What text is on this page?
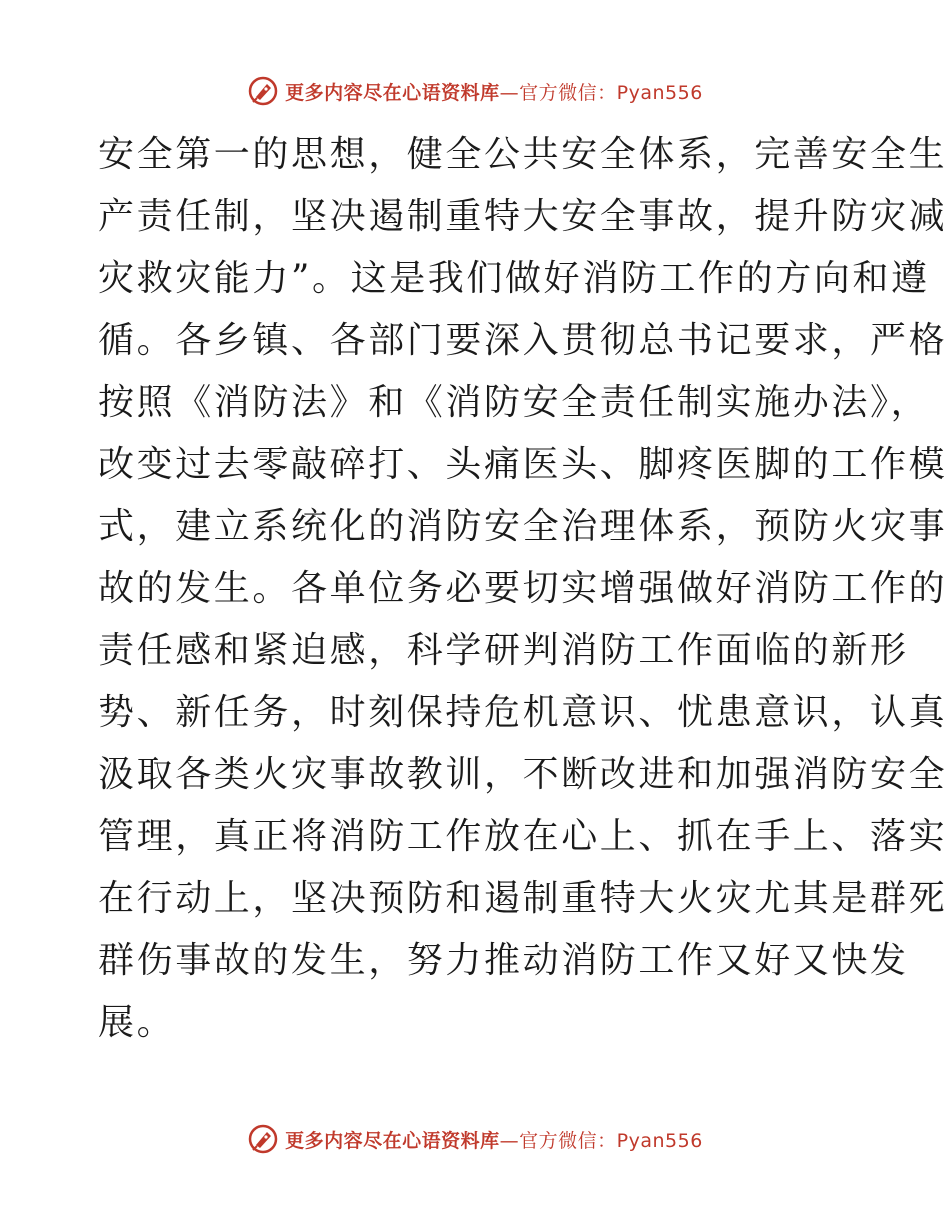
更多内容尽在心语资料库—官方微信：Pyan556
安全第一的思想，健全公共安全体系，完善安全生
产责任制，坚决遏制重特大安全事故，提升防灾减
灾救灾能力”。这是我们做好消防工作的方向和遵
循。各乡镇、各部门要深入贯彻总书记要求，严格
按照《消防法》和《消防安全责任制实施办法》，
改变过去零敲碎打、头痛医头、脚疼医脚的工作模
式，建立系统化的消防安全治理体系，预防火灾事
故的发生。各单位务必要切实增强做好消防工作的
责任感和紧迫感，科学研判消防工作面临的新形
势、新任务，时刻保持危机意识、忧患意识，认真
汲取各类火灾事故教训，不断改进和加强消防安全
管理，真正将消防工作放在心上、抓在手上、落实
在行动上，坚决预防和遏制重特大火灾尤其是群死
群伤事故的发生，努力推动消防工作又好又快发
展。
更多内容尽在心语资料库—官方微信：Pyan556
